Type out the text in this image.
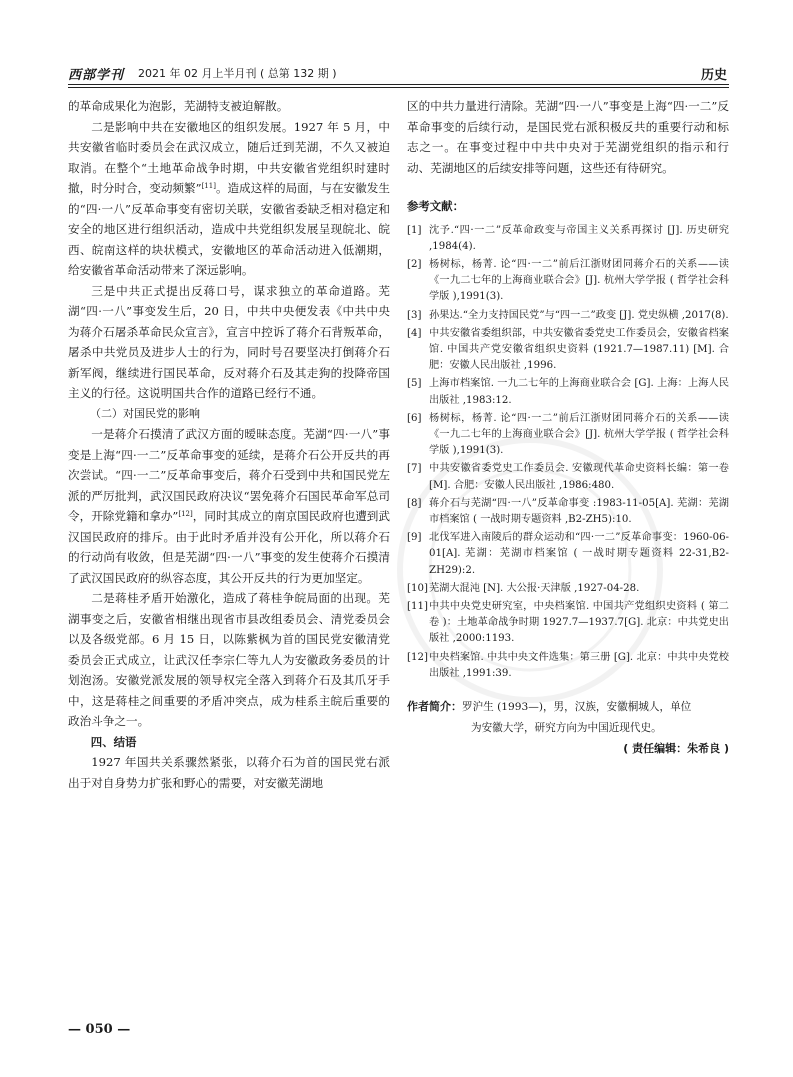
西部学刊 2021 年 02 月上半月刊 ( 总第 132 期 )	历史

的革命成果化为泡影，芜湖特支被迫解散。

二是影响中共在安徽地区的组织发展。1927 年 5 月，中共安徽省临时委员会在武汉成立，随后迁到芜湖，不久又被迫取消。在整个“土地革命战争时期，中共安徽省党组织时建时撤，时分时合，变动频繁”[11]。造成这样的局面，与在安徽发生的“四·一八”反革命事变有密切关联，安徽省委缺乏相对稳定和安全的地区进行组织活动，造成中共党组织发展呈现皖北、皖西、皖南这样的块状模式，安徽地区的革命活动进入低潮期，给安徽省革命活动带来了深远影响。

三是中共正式提出反蒋口号，谋求独立的革命道路。芜湖“四·一八”事变发生后，20 日，中共中央便发表《中共中央为蒋介石屠杀革命民众宣言》，宣言中控诉了蒋介石背叛革命，屠杀中共党员及进步人士的行为，同时号召要坚决打倒蒋介石新军阀，继续进行国民革命，反对蒋介石及其走狗的投降帝国主义的行径。这说明国共合作的道路已经行不通。

（二）对国民党的影响

一是蒋介石摸清了武汉方面的暧昧态度。芜湖“四·一八”事变是上海“四·一二”反革命事变的延续，是蒋介石公开反共的再次尝试。“四·一二”反革命事变后，蒋介石受到中共和国民党左派的严厉批判，武汉国民政府决议“罢免蒋介石国民革命军总司令，开除党籍和拿办”[12]，同时其成立的南京国民政府也遭到武汉国民政府的排斥。由于此时矛盾并没有公开化，所以蒋介石的行动尚有收敛，但是芜湖“四·一八”事变的发生使蒋介石摸清了武汉国民政府的纵容态度，其公开反共的行为更加坚定。

二是蒋桂矛盾开始激化，造成了蒋桂争皖局面的出现。芜湖事变之后，安徽省相继出现省市县改组委员会、清党委员会以及各级党部。6 月 15 日，以陈紫枫为首的国民党安徽清党委员会正式成立，让武汉任李宗仁等九人为安徽政务委员的计划泡汤。安徽党派发展的领导权完全落入到蒋介石及其爪牙手中，这是蒋桂之间重要的矛盾冲突点，成为桂系主皖后重要的政治斗争之一。

四、结语

1927 年国共关系骤然紧张，以蒋介石为首的国民党右派出于对自身势力扩张和野心的需要，对安徽芜湖地

区的中共力量进行清除。芜湖“四·一八”事变是上海“四·一二”反革命事变的后续行动，是国民党右派积极反共的重要行动和标志之一。在事变过程中中共中央对于芜湖党组织的指示和行动、芜湖地区的后续安排等问题，这些还有待研究。

参考文献：
[1] 沈予.“四·一二”反革命政变与帝国主义关系再探讨 [J]. 历史研究 ,1984(4).
[2] 杨树标，杨菁. 论“四·一二”前后江浙财团同蒋介石的关系——读《一九二七年的上海商业联合会》[J]. 杭州大学学报 ( 哲学社会科学版 ),1991(3).
[3] 孙果达.“全力支持国民党”与“四一二”政变 [J]. 党史纵横 ,2017(8).
[4] 中共安徽省委组织部，中共安徽省委党史工作委员会，安徽省档案馆. 中国共产党安徽省组织史资料 (1921.7—1987.11) [M]. 合肥：安徽人民出版社 ,1996.
[5] 上海市档案馆. 一九二七年的上海商业联合会 [G]. 上海：上海人民出版社 ,1983:12.
[6] 杨树标，杨菁. 论“四·一二”前后江浙财团同蒋介石的关系——读《一九二七年的上海商业联合会》[J]. 杭州大学学报 ( 哲学社会科学版 ),1991(3).
[7] 中共安徽省委党史工作委员会. 安徽现代革命史资料长编：第一卷 [M]. 合肥：安徽人民出版社 ,1986:480.
[8] 蒋介石与芜湖“四·一八”反革命事变 :1983-11-05[A]. 芜湖：芜湖市档案馆 ( 一战时期专题资料 ,B2-ZH5):10.
[9] 北伐军进入南陵后的群众运动和“四·一二”反革命事变：1960-06-01[A]. 芜湖：芜湖市档案馆 ( 一战时期专题资料 22-31,B2-ZH29):2.
[10] 芜湖大混沌 [N]. 大公报·天津版 ,1927-04-28.
[11] 中共中央党史研究室，中央档案馆. 中国共产党组织史资料 ( 第二卷 )：土地革命战争时期 1927.7—1937.7[G]. 北京：中共党史出版社 ,2000:1193.
[12] 中央档案馆. 中共中央文件选集：第三册 [G]. 北京：中共中央党校出版社 ,1991:39.
作者简介：罗沪生 (1993—)，男，汉族，安徽桐城人，单位
为安徽大学，研究方向为中国近现代史。
( 责任编辑：朱希良 )
— 050 —
